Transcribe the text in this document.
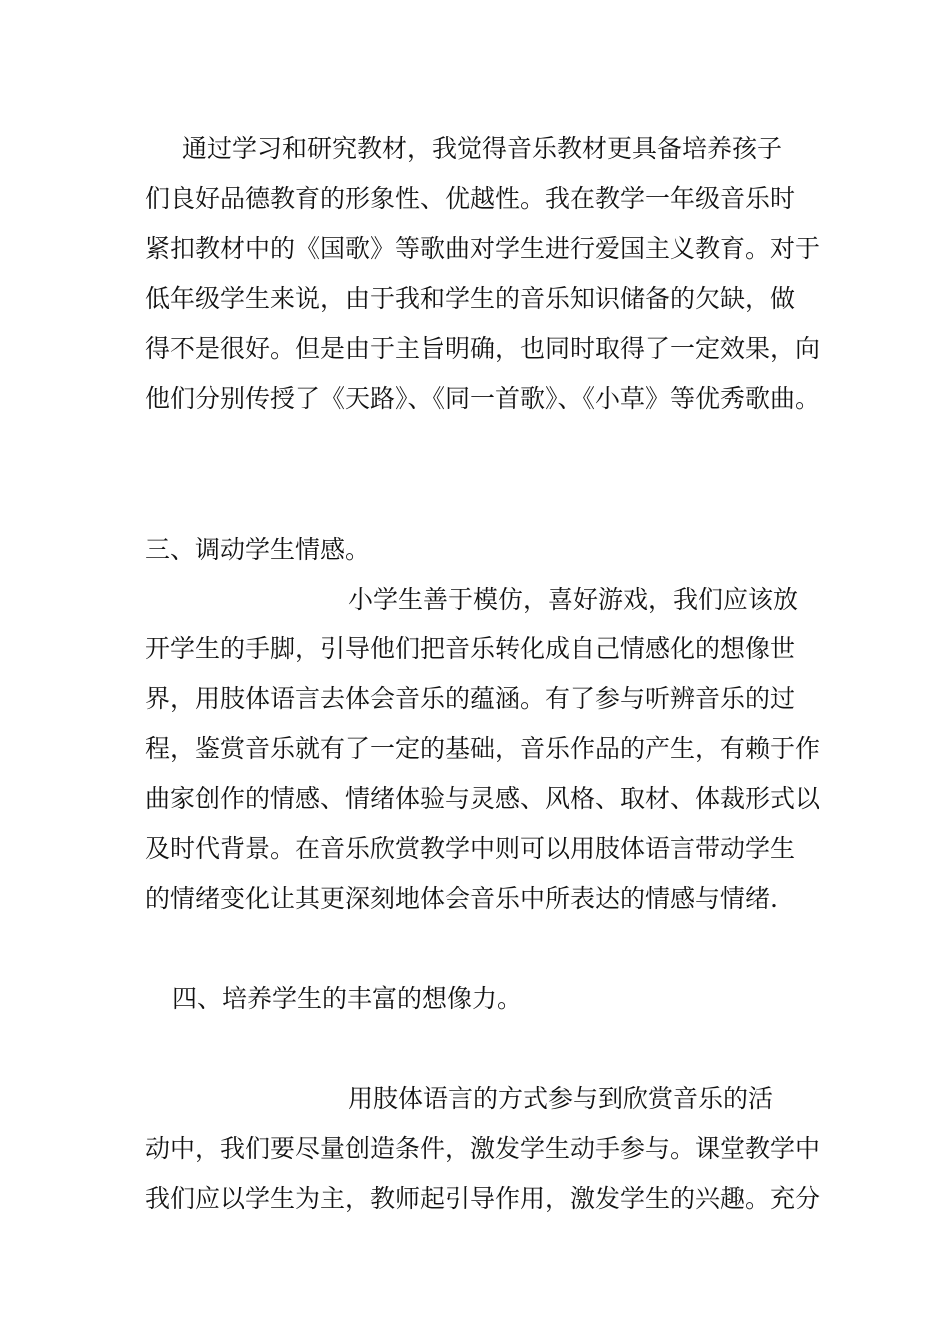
通过学习和研究教材，我觉得音乐教材更具备培养孩子

们良好品德教育的形象性、优越性。我在教学一年级音乐时

紧扣教材中的《国歌》等歌曲对学生进行爱国主义教育。对于

低年级学生来说，由于我和学生的音乐知识储备的欠缺，做

得不是很好。但是由于主旨明确，也同时取得了一定效果，向

他们分别传授了《天路》、《同一首歌》、《小草》等优秀歌曲。

三、调动学生情感。

小学生善于模仿，喜好游戏，我们应该放

开学生的手脚，引导他们把音乐转化成自己情感化的想像世

界，用肢体语言去体会音乐的蕴涵。有了参与听辨音乐的过

程，鉴赏音乐就有了一定的基础，音乐作品的产生，有赖于作

曲家创作的情感、情绪体验与灵感、风格、取材、体裁形式以

及时代背景。在音乐欣赏教学中则可以用肢体语言带动学生

的情绪变化让其更深刻地体会音乐中所表达的情感与情绪.

四、培养学生的丰富的想像力。

用肢体语言的方式参与到欣赏音乐的活

动中，我们要尽量创造条件，激发学生动手参与。课堂教学中

我们应以学生为主，教师起引导作用，激发学生的兴趣。充分
